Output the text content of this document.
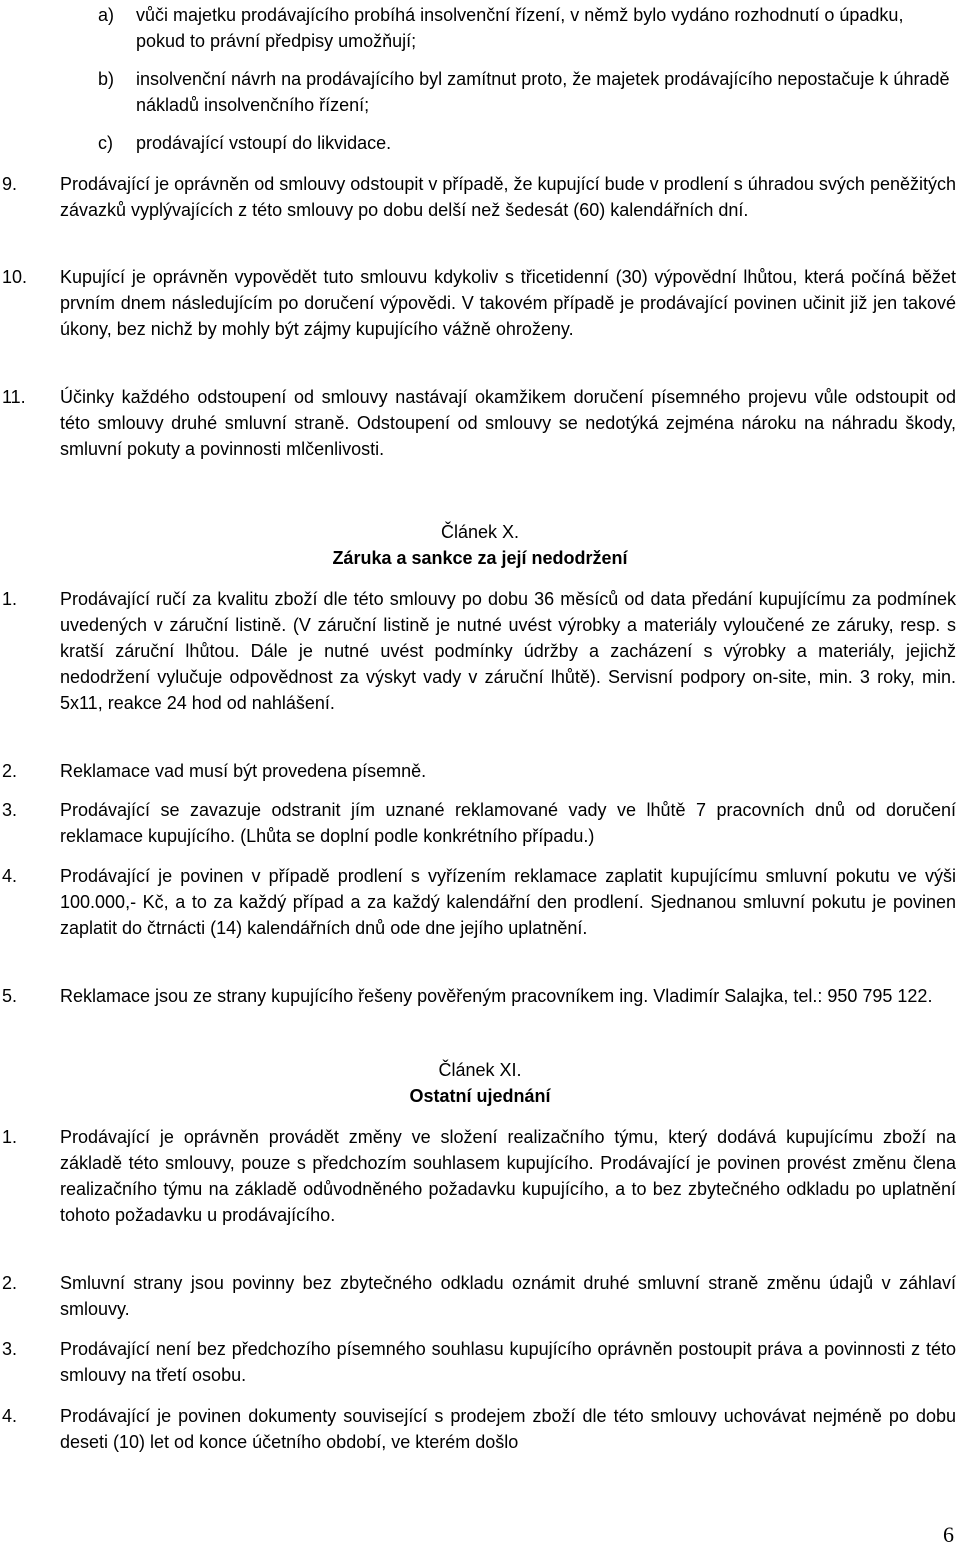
a) vůči majetku prodávajícího probíhá insolvenční řízení, v němž bylo vydáno rozhodnutí o úpadku, pokud to právní předpisy umožňují;
b) insolvenční návrh na prodávajícího byl zamítnut proto, že majetek prodávajícího nepostačuje k úhradě nákladů insolvenčního řízení;
c) prodávající vstoupí do likvidace.
9. Prodávající je oprávněn od smlouvy odstoupit v případě, že kupující bude v prodlení s úhradou svých peněžitých závazků vyplývajících z této smlouvy po dobu delší než šedesát (60) kalendářních dní.
10. Kupující je oprávněn vypovědět tuto smlouvu kdykoliv s třicetidenní (30) výpovědní lhůtou, která počíná běžet prvním dnem následujícím po doručení výpovědi. V takovém případě je prodávající povinen učinit již jen takové úkony, bez nichž by mohly být zájmy kupujícího vážně ohroženy.
11. Účinky každého odstoupení od smlouvy nastávají okamžikem doručení písemného projevu vůle odstoupit od této smlouvy druhé smluvní straně. Odstoupení od smlouvy se nedotýká zejména nároku na náhradu škody, smluvní pokuty a povinnosti mlčenlivosti.
Článek X.
Záruka a sankce za její nedodržení
1. Prodávající ručí za kvalitu zboží dle této smlouvy po dobu 36 měsíců od data předání kupujícímu za podmínek uvedených v záruční listině. (V záruční listině je nutné uvést výrobky a materiály vyloučené ze záruky, resp. s kratší záruční lhůtou. Dále je nutné uvést podmínky údržby a zacházení s výrobky a materiály, jejichž nedodržení vylučuje odpovědnost za výskyt vady v záruční lhůtě). Servisní podpory on-site, min. 3 roky, min. 5x11, reakce 24 hod od nahlášení.
2. Reklamace vad musí být provedena písemně.
3. Prodávající se zavazuje odstranit jím uznané reklamované vady ve lhůtě 7 pracovních dnů od doručení reklamace kupujícího. (Lhůta se doplní podle konkrétního případu.)
4. Prodávající je povinen v případě prodlení s vyřízením reklamace zaplatit kupujícímu smluvní pokutu ve výši 100.000,- Kč, a to za každý případ a za každý kalendářní den prodlení. Sjednanou smluvní pokutu je povinen zaplatit do čtrnácti (14) kalendářních dnů ode dne jejího uplatnění.
5. Reklamace jsou ze strany kupujícího řešeny pověřeným pracovníkem ing. Vladimír Salajka, tel.: 950 795 122.
Článek XI.
Ostatní ujednání
1. Prodávající je oprávněn provádět změny ve složení realizačního týmu, který dodává kupujícímu zboží na základě této smlouvy, pouze s předchozím souhlasem kupujícího. Prodávající je povinen provést změnu člena realizačního týmu na základě odůvodněného požadavku kupujícího, a to bez zbytečného odkladu po uplatnění tohoto požadavku u prodávajícího.
2. Smluvní strany jsou povinny bez zbytečného odkladu oznámit druhé smluvní straně změnu údajů v záhlaví smlouvy.
3. Prodávající není bez předchozího písemného souhlasu kupujícího oprávněn postoupit práva a povinnosti z této smlouvy na třetí osobu.
4. Prodávající je povinen dokumenty související s prodejem zboží dle této smlouvy uchovávat nejméně po dobu deseti (10) let od konce účetního období, ve kterém došlo
6
